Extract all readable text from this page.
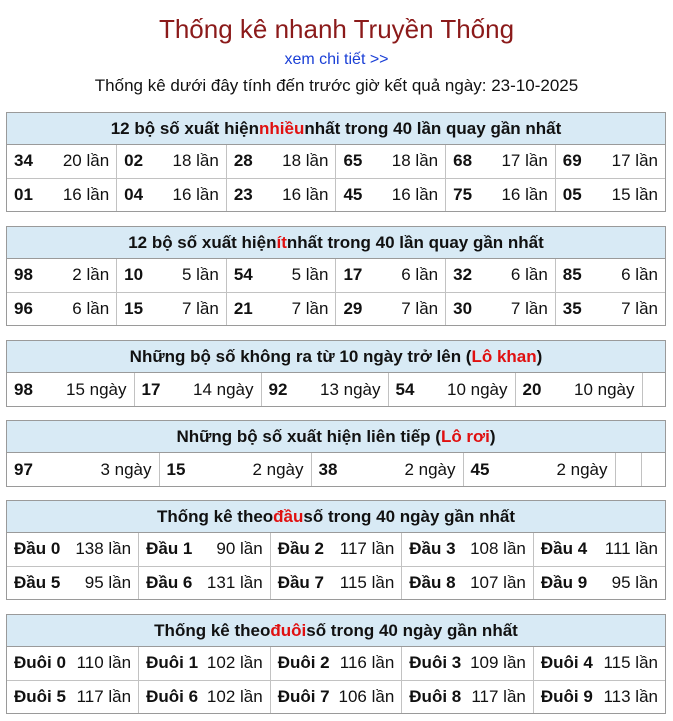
Thống kê nhanh Truyền Thống
xem chi tiết >>
Thống kê dưới đây tính đến trước giờ kết quả ngày: 23-10-2025
12 bộ số xuất hiện nhiều nhất trong 40 lần quay gần nhất
34 20 lần	02 18 lần	28 18 lần	65 18 lần	68 17 lần	69 17 lần

01 16 lần	04 16 lần	23 16 lần	45 16 lần	75 16 lần	05 15 lần
12 bộ số xuất hiện ít nhất trong 40 lần quay gần nhất
98 2 lần	10 5 lần	54 5 lần	17 6 lần	32 6 lần	85 6 lần

96 6 lần	15 7 lần	21 7 lần	29 7 lần	30 7 lần	35 7 lần
Những bộ số không ra từ 10 ngày trở lên ( Lô khan )
98 15 ngày	17 14 ngày	92 13 ngày	54 10 ngày	20 10 ngày

Những bộ số xuất hiện liên tiếp ( Lô rơi )
97	3 ngày	15	2 ngày	38	2 ngày	45	2 ngày

Thống kê theo đầu số trong 40 ngày gần nhất
Đầu 0 138 lần	Đầu 1 90 lần	Đầu 2 117 lần	Đầu 3 108 lần	Đầu 4 111 lần

Đầu 5 95 lần	Đầu 6 131 lần	Đầu 7 115 lần	Đầu 8 107 lần	Đầu 9 95 lần
Thống kê theo đuôi số trong 40 ngày gần nhất
Đuôi 0 110 lần	Đuôi 1 102 lần	Đuôi 2 116 lần	Đuôi 3 109 lần	Đuôi 4 115 lần

Đuôi 5 117 lần	Đuôi 6 102 lần	Đuôi 7 106 lần	Đuôi 8 117 lần	Đuôi 9 113 lần
